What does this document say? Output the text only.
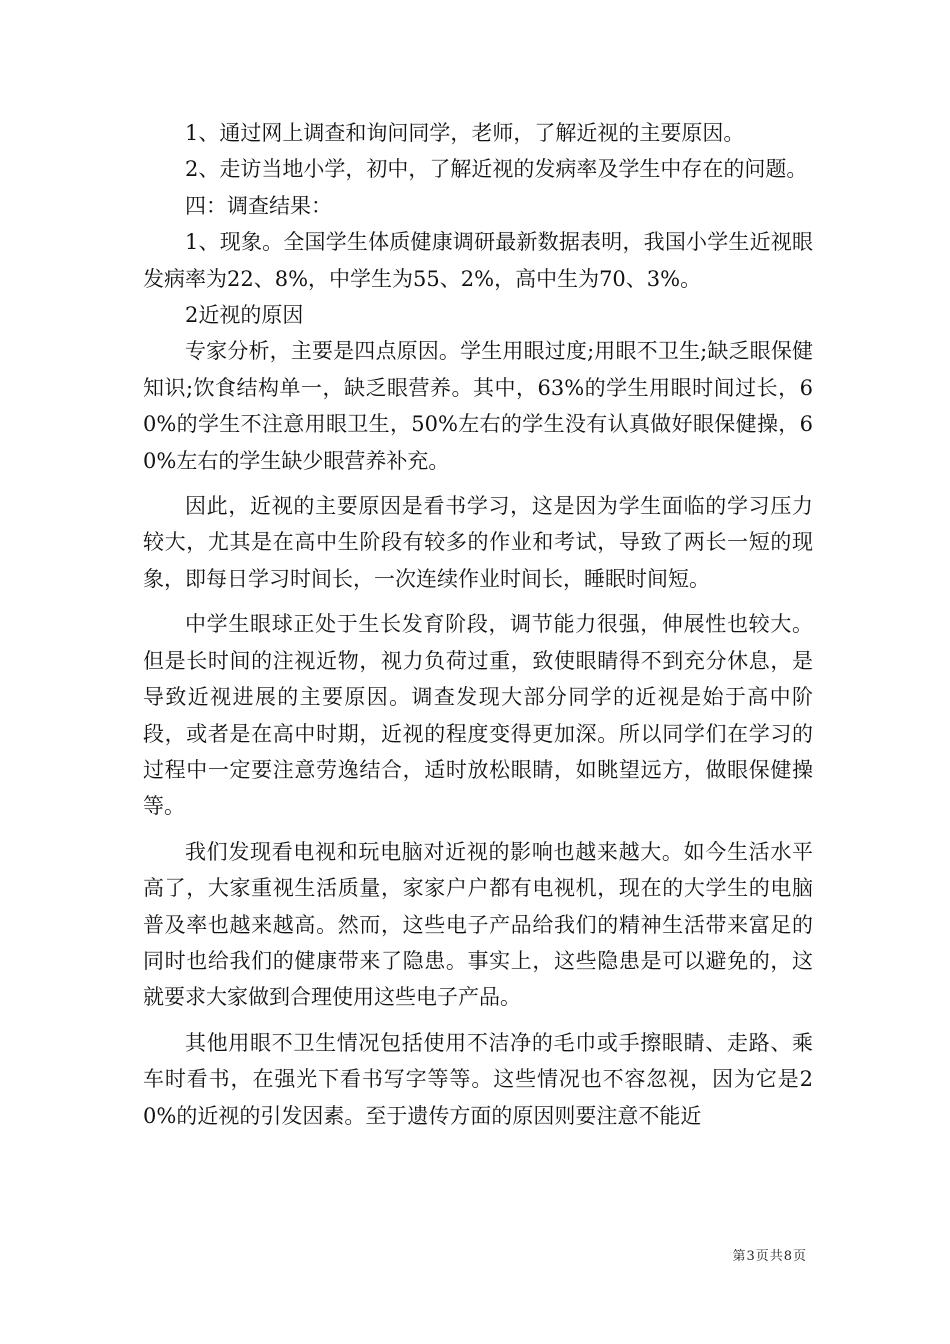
1、通过网上调查和询问同学，老师，了解近视的主要原因。

2、走访当地小学，初中，了解近视的发病率及学生中存在的问题。

四：调查结果：

1、现象。全国学生体质健康调研最新数据表明，我国小学生近视眼发病率为22、8%，中学生为55、2%，高中生为70、3%。

2近视的原因

专家分析，主要是四点原因。学生用眼过度;用眼不卫生;缺乏眼保健知识;饮食结构单一，缺乏眼营养。其中，63%的学生用眼时间过长，60%的学生不注意用眼卫生，50%左右的学生没有认真做好眼保健操，60%左右的学生缺少眼营养补充。

因此，近视的主要原因是看书学习，这是因为学生面临的学习压力较大，尤其是在高中生阶段有较多的作业和考试，导致了两长一短的现象，即每日学习时间长，一次连续作业时间长，睡眠时间短。

中学生眼球正处于生长发育阶段，调节能力很强，伸展性也较大。但是长时间的注视近物，视力负荷过重，致使眼睛得不到充分休息，是导致近视进展的主要原因。调查发现大部分同学的近视是始于高中阶段，或者是在高中时期，近视的程度变得更加深。所以同学们在学习的过程中一定要注意劳逸结合，适时放松眼睛，如眺望远方，做眼保健操等。

我们发现看电视和玩电脑对近视的影响也越来越大。如今生活水平高了，大家重视生活质量，家家户户都有电视机，现在的大学生的电脑普及率也越来越高。然而，这些电子产品给我们的精神生活带来富足的同时也给我们的健康带来了隐患。事实上，这些隐患是可以避免的，这就要求大家做到合理使用这些电子产品。

其他用眼不卫生情况包括使用不洁净的毛巾或手擦眼睛、走路、乘车时看书，在强光下看书写字等等。这些情况也不容忽视，因为它是20%的近视的引发因素。至于遗传方面的原因则要注意不能近

第3页共8页
